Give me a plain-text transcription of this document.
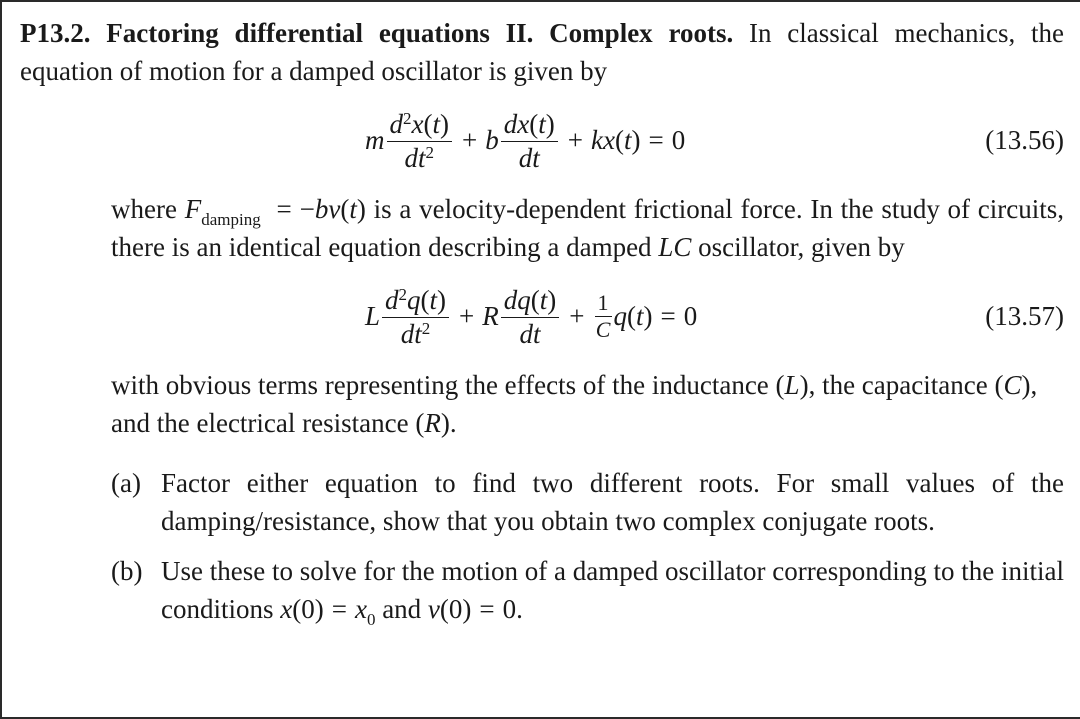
P13.2. Factoring differential equations II. Complex roots. In classical mechanics, the equation of motion for a damped oscillator is given by
m $\frac{d^2x(t)}{dt^2} + b \frac{dx(t)}{dt}$ + kx ( t ) = 0	(13.56)
where $F_{damping} = -bv(t)$ is a velocity-dependent frictional force. In the study of circuits, there is an identical equation describing a damped LC oscillator, given by
L $\frac{d^2q(t)}{dt^2} + R \frac{dq(t)}{dt} + \frac{1}{C}$ q ( t ) = 0	(13.57)
with obvious terms representing the effects of the inductance (L), the capacitance (C), and the electrical resistance (R).
(a) Factor either equation to find two different roots. For small values of the damping/resistance, show that you obtain two complex conjugate roots.
(b) Use these to solve for the motion of a damped oscillator corresponding to the initial conditions $x(0) = x_0$ and v(0) = 0.
